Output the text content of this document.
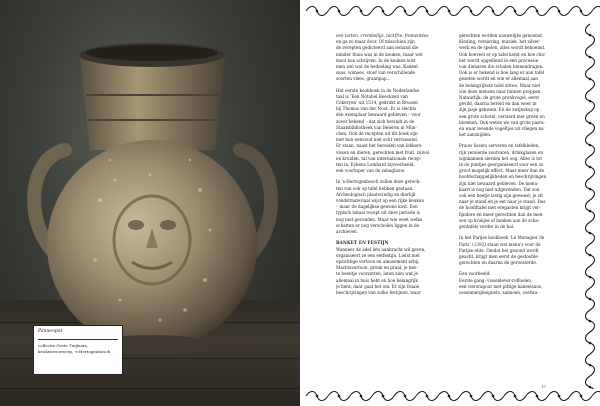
Pannenpot
collectie Grete Tuijlaars,
keukenvoorwerp, 's-Hertogenbosch

een tarten, crembollijs, lackfrie, fromentées
en ga zo maar door. Of misschien zijn
de recepten gedicteerd aan iemand die
minder thuis was in de keuken, maar wel
mooi kon schrijven. In de keuken wist
men wel wat de bedoeling was. Kaneel-
saus, wimoes, stoof van verschillende
soorten vlees, graanpap...

Het eerste kookboek in de Nederlandse
taal is ‘Een Notabel Boeckxen van
Cokeryen’ uit 1514, gedrukt in Brussel,
bij Thomas van der Noot. Er is slechts
één exemplaar bewaard gebleven – voor
zover bekend – dat zich bevindt in de
Staatsbibliotheek van Beieren in Mün-
chen. Ook de recepten uit dit boek zijn
met hun eenvoud niet echt verrassend.
Er staan, naast het bereiden van lekkere
vissen en dieren, gerechten met fruit, zuivel
en kruiden, tal van internationale recep-
ten in. Eykens Lombard bijvoorbeeld,
een voorloper van de zabaglione.

In 's-Hertogenbosch zullen deze gerech-
ten van ook op tafel hebben gestaan.
Archeologisch plaatsvindig en dierlijk
vondstmateriaal wijst op een rijke keuken
– maar de dagelijkse gewone kost. Een
typisch lokaal recept uit deze periode is
nog niet gevonden. Maar wie weet welke
schatten er nog verscholen liggen in de
archieven.

BANKET EN FESTIJN

Wanneer de adel iets aanbracht wil geven,
organiseert ze een eetfestijn. Liefst met
opzichtige vertoon en amusement erbij.
Machtsvertoon, pronk en praal, je bes-
te beentje voorzetten, laten zien wat je
allemaal in huis hebt en hoe belangrijk
je bent; daar gaat het om. Er zijn fraaie
beschrijvingen van zulke festijnen, waar

gerechten worden nauwelijks genoemd.
Kleding, versiering, muziek, het zilver-
werk en de spelen, alles wordt benoemd.
Ook hoeveel er op tafel komt en hoe chic
het wordt opgediend in een processie
van dienaren die schalen binnendragen.
Ook is er bekend is hoe lang er aan tafel
gezeten wordt en wie er allemaal aan
de belangrijkste tafel zitten. Maar niet
wie deze mensen naar binnen proppen.
Natuurlijk: de grote pronkvogel, eerst
gevild, daarna bereid en dan weer in
zijn jasje gehesen. En de zwijnskop op
een grote schotel, versierd met groen en
bloemen. Ook weten we van grote paste-
en waar levende vogeltjes uit vliegen na
het aansnijden.

Prauw lissers serveren en tafelkleden,
rijk versierde zoutvaten, drinkglazen en
wijnkannen sierden het oog. Alles is tot
in de puntjes georganiseerd voor een zo
groot mogelijk effect. Maar meer dan de
hoofdschappelijkheden en beschrijvingen
zijn niet bewaard gebleven. De menu-
kaart is nog niet uitgevonden. Dat zou
ook een beetje lastig zijn geweest; je zit
naar je stand en je eet naar je stand. Dus
de hoofdtafel met eregasten krijgt ver-
fijndere en meer gerechten dan de men-
sen op krukjes of banken aan de scha-
gentafels verder in de hal.

In het Parijse kookboek ‘Le Menagier de
Paris’ (1392) staan wel menu's voor de
Parijse elite. Omdat het gezond wordt
geacht, krijgt men eerst de gestoofde
gerechten en daarna de geroosterde.

Een voorbeeld:
Eerste gang: vissenlever-roffoelen,
een viersragout met pittige kaneelsaus,
ossenmergbeignets, salmoen, zoetwa-

17
